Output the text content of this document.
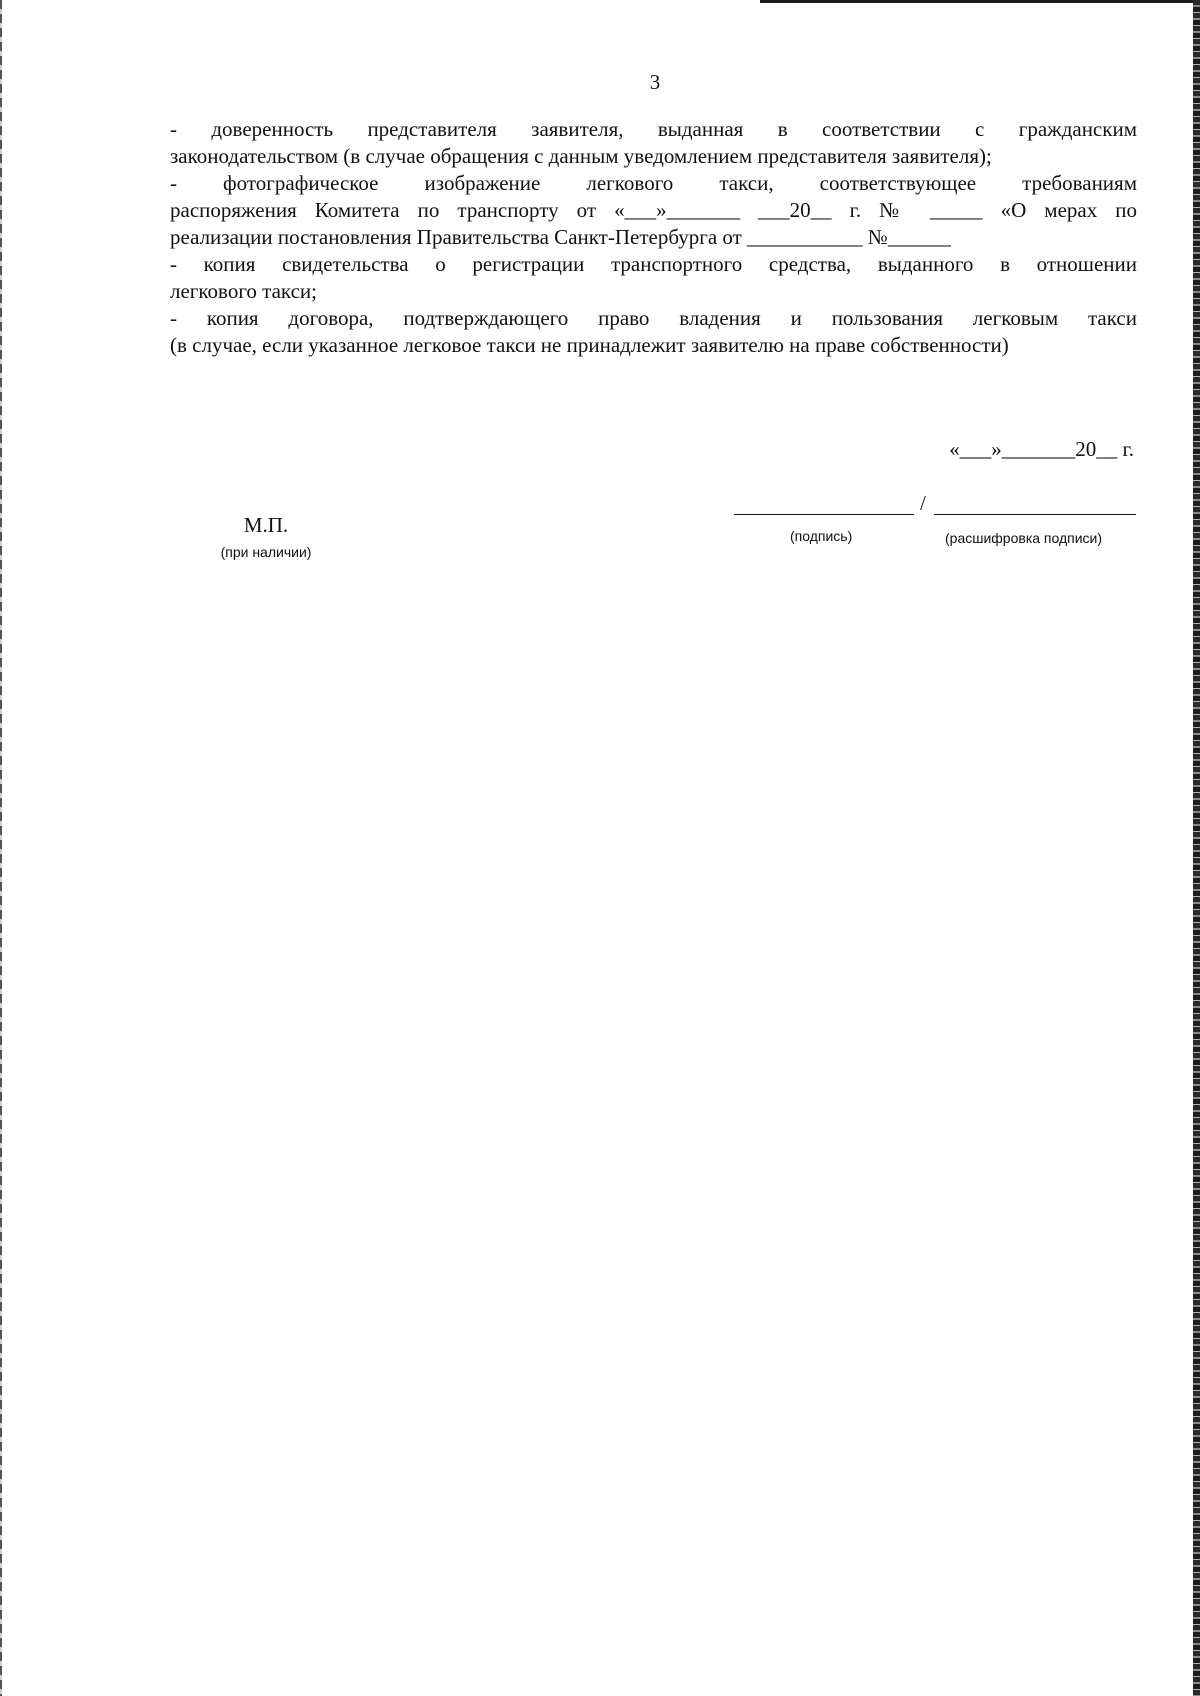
3

- доверенность представителя заявителя, выданная в соответствии с гражданским
законодательством (в случае обращения с данным уведомлением представителя заявителя);

- фотографическое изображение легкового такси, соответствующее требованиям
распоряжения Комитета по транспорту от «___»_______ ___20__ г. № _____ «О мерах по
реализации постановления Правительства Санкт-Петербурга от ___________ №______

- копия свидетельства о регистрации транспортного средства, выданного в отношении
легкового такси;

- копия договора, подтверждающего право владения и пользования легковым такси
(в случае, если указанное легковое такси не принадлежит заявителю на праве собственности)

«___»_______20__ г.
М.П.
(при наличии)
/
(подпись)	(расшифровка подписи)
